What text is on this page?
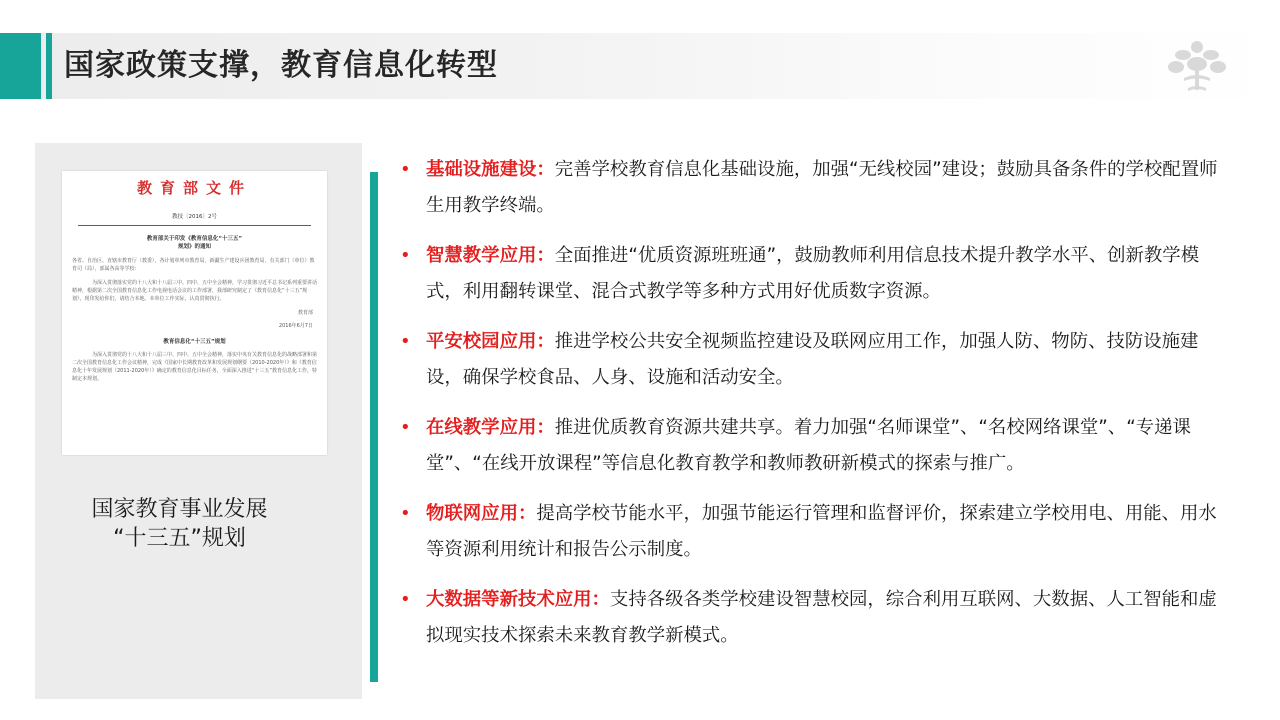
国家政策支撑，教育信息化转型
教育部文件
教技〔2016〕2号
教育部关于印发《教育信息化“十三五”
规划》的通知
各省、自治区、直辖市教育厅（教委），各计划单列市教育局，新疆生产建设兵团教育局，有关部门（单位）教育司（局），部属各高等学校：
为深入贯彻落实党的十八大和十八届三中、四中、五中全会精神，学习贯彻习近平总书记系列重要讲话精神，根据第二次全国教育信息化工作电视电话会议的工作部署，我部研究制定了《教育信息化“十三五”规划》，现印发给你们，请结合本地、本单位工作实际，认真贯彻执行。
教育部
2016年6月7日
教育信息化“十三五”规划
为深入贯彻党的十八大和十八届三中、四中、五中全会精神，落实中央有关教育信息化的战略部署和第二次全国教育信息化工作会议精神，完成《国家中长期教育改革和发展规划纲要（2010-2020年）》和《教育信息化十年发展规划（2011-2020年）》确定的教育信息化目标任务，全面深入推进“十三五”教育信息化工作，特制定本规划。
国家教育事业发展
“十三五”规划
• 基础设施建设：完善学校教育信息化基础设施，加强“无线校园”建设；鼓励具备条件的学校配置师生用教学终端。
• 智慧教学应用：全面推进“优质资源班班通”，鼓励教师利用信息技术提升教学水平、创新教学模式，利用翻转课堂、混合式教学等多种方式用好优质数字资源。
• 平安校园应用：推进学校公共安全视频监控建设及联网应用工作，加强人防、物防、技防设施建设，确保学校食品、人身、设施和活动安全。
• 在线教学应用：推进优质教育资源共建共享。着力加强“名师课堂”、“名校网络课堂”、“专递课堂”、“在线开放课程”等信息化教育教学和教师教研新模式的探索与推广。
• 物联网应用：提高学校节能水平，加强节能运行管理和监督评价，探索建立学校用电、用能、用水等资源利用统计和报告公示制度。
• 大数据等新技术应用：支持各级各类学校建设智慧校园，综合利用互联网、大数据、人工智能和虚拟现实技术探索未来教育教学新模式。
